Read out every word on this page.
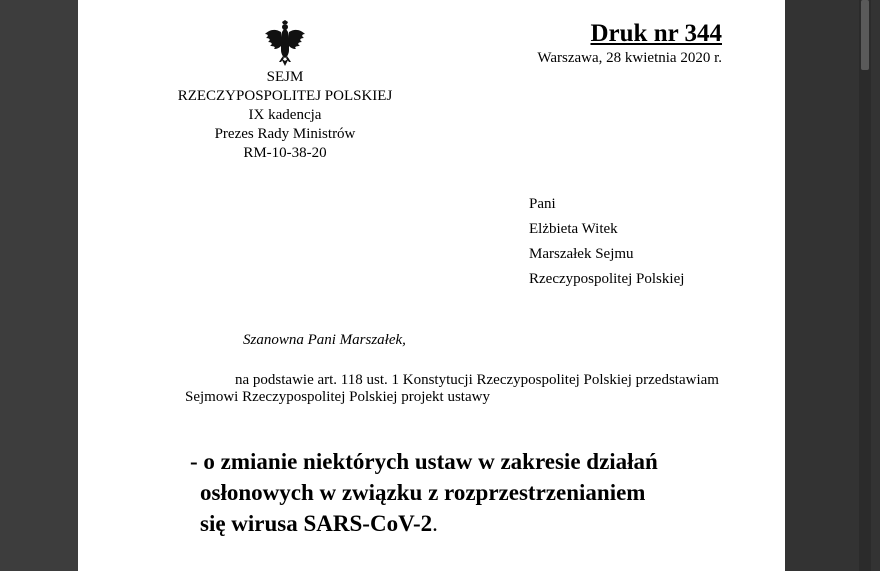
SEJM
RZECZYPOSPOLITEJ POLSKIEJ
IX kadencja
Prezes Rady Ministrów
RM-10-38-20
Druk nr 344
Warszawa, 28 kwietnia 2020 r.
Pani
Elżbieta Witek
Marszałek Sejmu
Rzeczypospolitej Polskiej
Szanowna Pani Marszałek,
na podstawie art. 118 ust. 1 Konstytucji Rzeczypospolitej Polskiej przedstawiam
Sejmowi Rzeczypospolitej Polskiej projekt ustawy
- o zmianie niektórych ustaw w zakresie działań
osłonowych w związku z rozprzestrzenianiem
się wirusa SARS-CoV-2.
